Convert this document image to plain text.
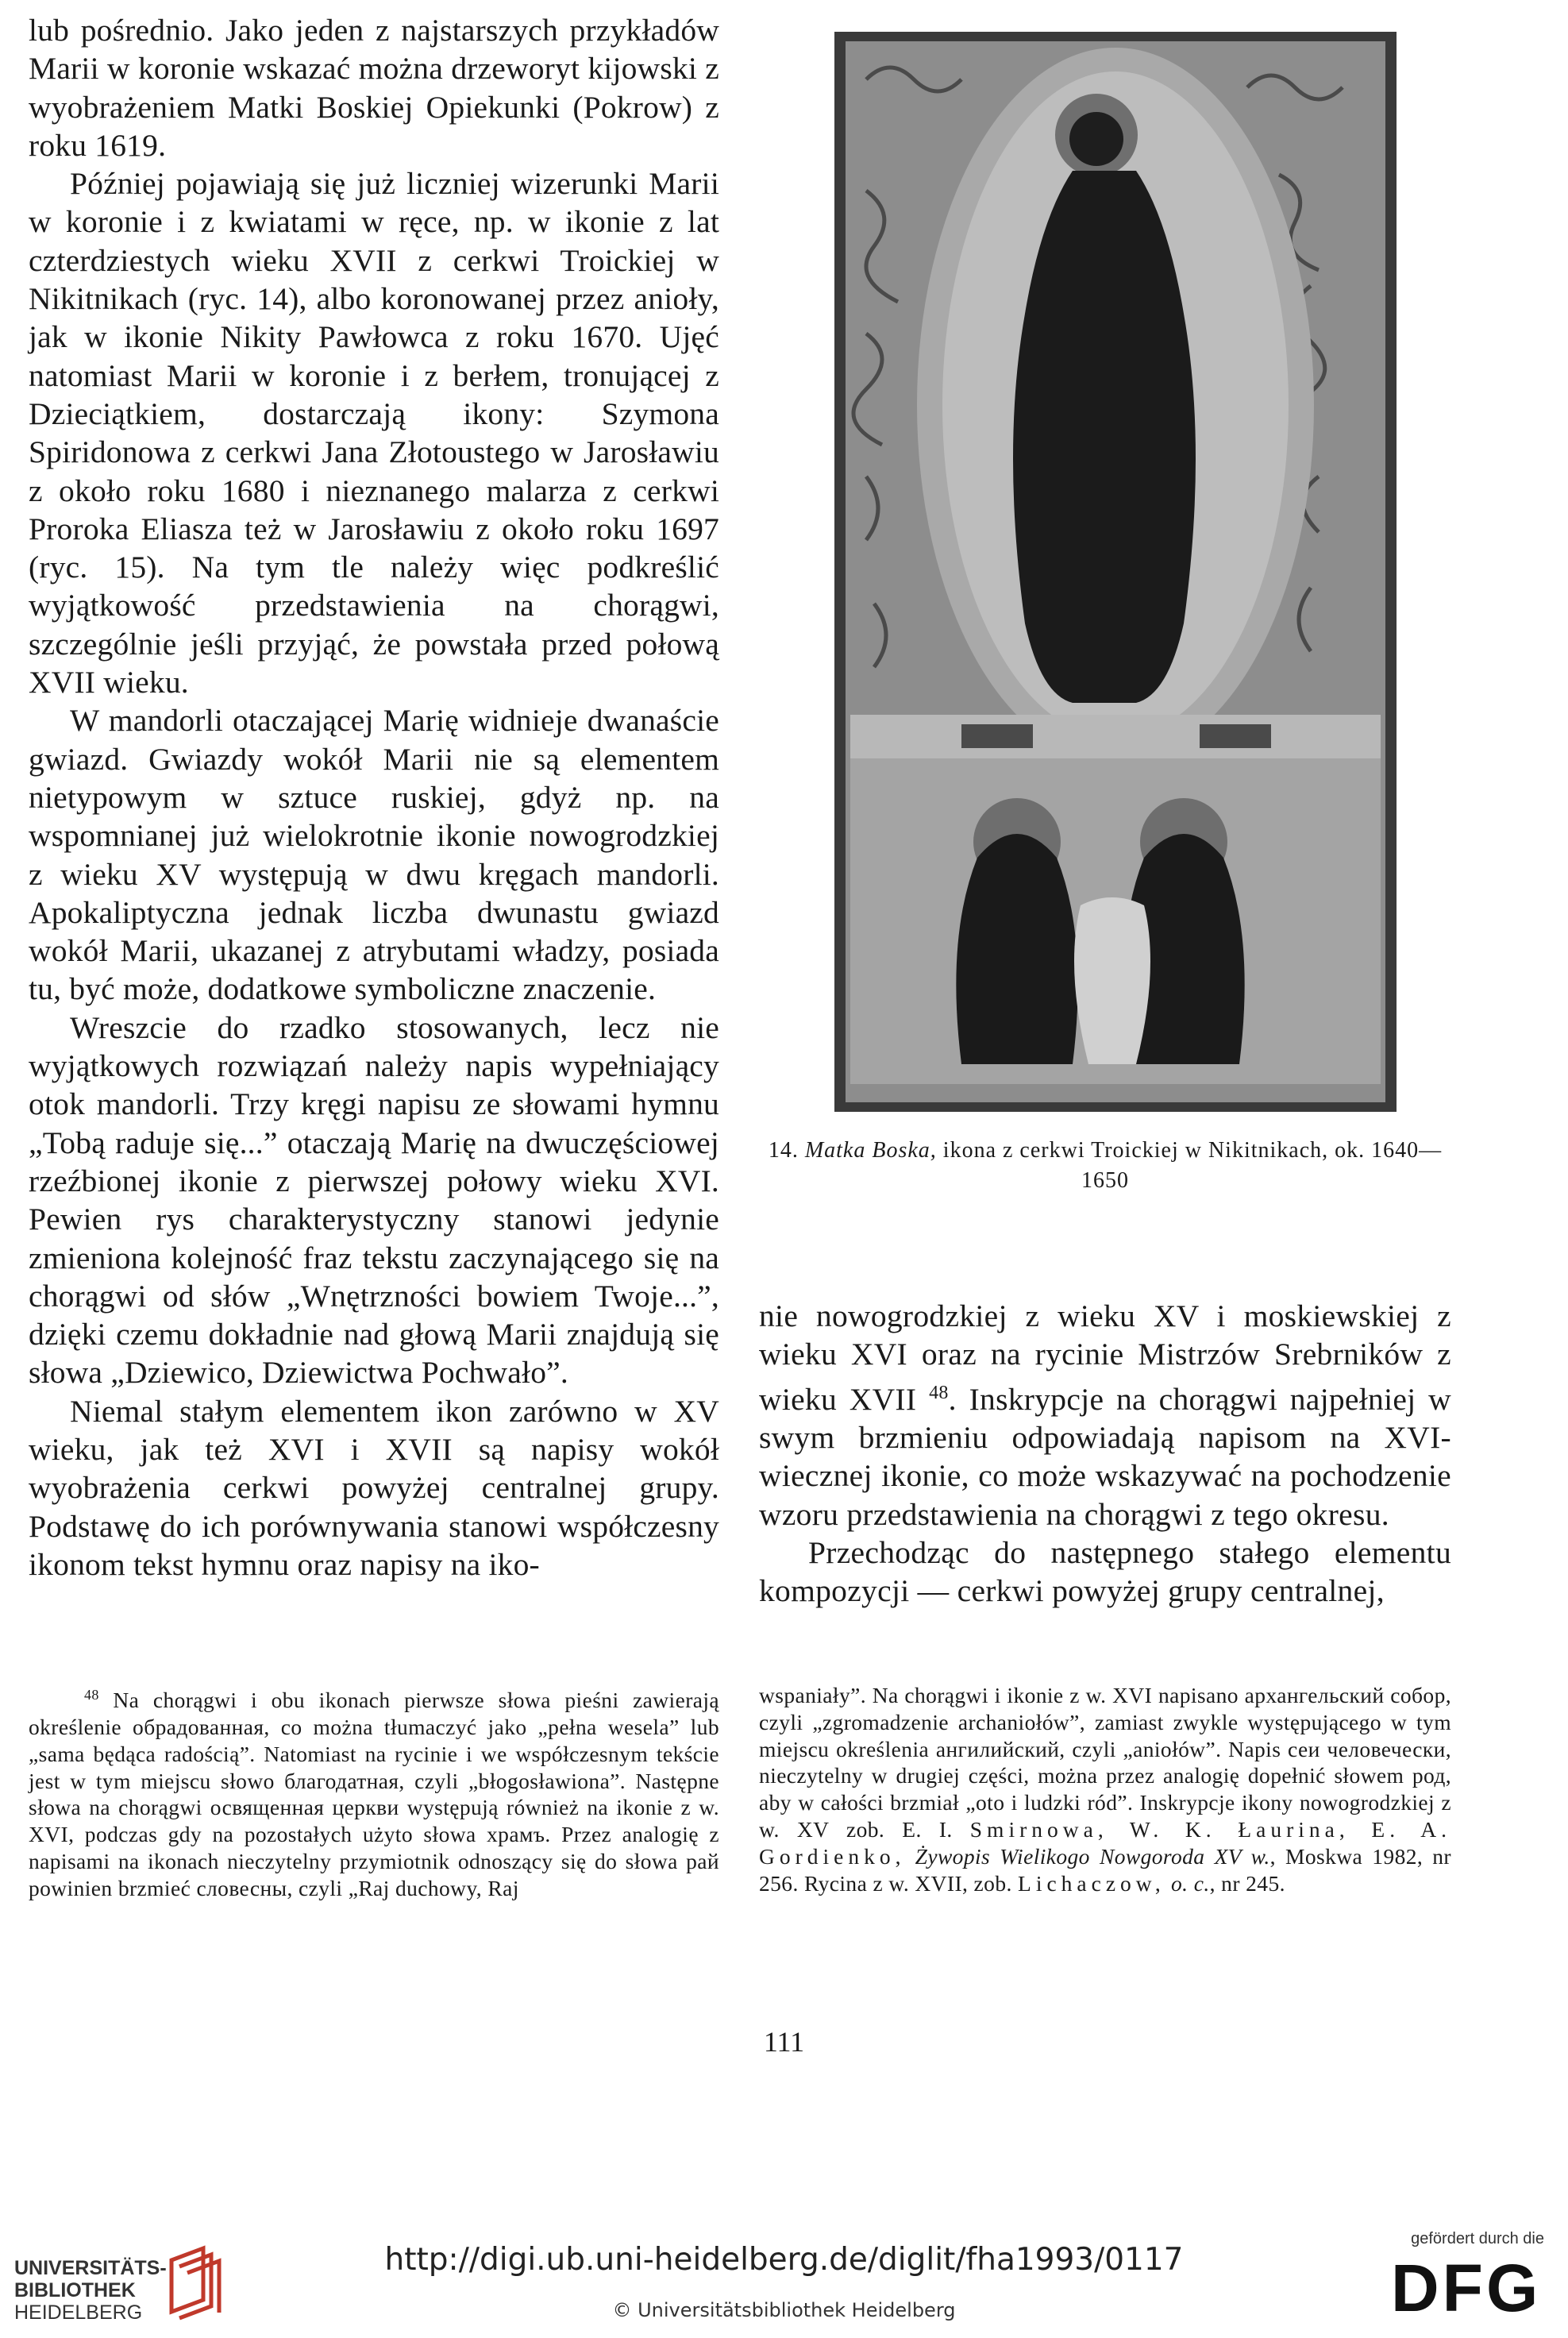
lub pośrednio. Jako jeden z najstarszych przykładów Marii w koronie wskazać można drzeworyt kijowski z wyobrażeniem Matki Boskiej Opiekunki (Pokrow) z roku 1619.

Później pojawiają się już liczniej wizerunki Marii w koronie i z kwiatami w ręce, np. w ikonie z lat czterdziestych wieku XVII z cerkwi Troickiej w Nikitnikach (ryc. 14), albo koronowanej przez anioły, jak w ikonie Nikity Pawłowca z roku 1670. Ujęć natomiast Marii w koronie i z berłem, tronującej z Dzieciątkiem, dostarczają ikony: Szymona Spiridonowa z cerkwi Jana Złotoustego w Jarosławiu z około roku 1680 i nieznanego malarza z cerkwi Proroka Eliasza też w Jarosławiu z około roku 1697 (ryc. 15). Na tym tle należy więc podkreślić wyjątkowość przedstawienia na chorągwi, szczególnie jeśli przyjąć, że powstała przed połową XVII wieku.

W mandorli otaczającej Marię widnieje dwanaście gwiazd. Gwiazdy wokół Marii nie są elementem nietypowym w sztuce ruskiej, gdyż np. na wspomnianej już wielokrotnie ikonie nowogrodzkiej z wieku XV występują w dwu kręgach mandorli. Apokaliptyczna jednak liczba dwunastu gwiazd wokół Marii, ukazanej z atrybutami władzy, posiada tu, być może, dodatkowe symboliczne znaczenie.

Wreszcie do rzadko stosowanych, lecz nie wyjątkowych rozwiązań należy napis wypełniający otok mandorli. Trzy kręgi napisu ze słowami hymnu „Tobą raduje się...” otaczają Marię na dwuczęściowej rzeźbionej ikonie z pierwszej połowy wieku XVI. Pewien rys charakterystyczny stanowi jedynie zmieniona kolejność fraz tekstu zaczynającego się na chorągwi od słów „Wnętrzności bowiem Twoje...”, dzięki czemu dokładnie nad głową Marii znajdują się słowa „Dziewico, Dziewictwa Pochwało”.

Niemal stałym elementem ikon zarówno w XV wieku, jak też XVI i XVII są napisy wokół wyobrażenia cerkwi powyżej centralnej grupy. Podstawę do ich porównywania stanowi współczesny ikonom tekst hymnu oraz napisy na iko-

14. Matka Boska, ikona z cerkwi Troickiej w Nikitnikach, ok. 1640—1650

nie nowogrodzkiej z wieku XV i moskiewskiej z wieku XVI oraz na rycinie Mistrzów Srebrników z wieku XVII $^{48}$. Inskrypcje na chorągwi najpełniej w swym brzmieniu odpowiadają napisom na XVI-wiecznej ikonie, co może wskazywać na pochodzenie wzoru przedstawienia na chorągwi z tego okresu.

Przechodząc do następnego stałego elementu kompozycji — cerkwi powyżej grupy centralnej,

$^{48}$ Na chorągwi i obu ikonach pierwsze słowa pieśni zawierają określenie обрадованная, co można tłumaczyć jako „pełna wesela” lub „sama będąca radością”. Natomiast na rycinie i we współczesnym tekście jest w tym miejscu słowo благодатная, czyli „błogosławiona”. Następne słowa na chorągwi освященная церкви występują również na ikonie z w. XVI, podczas gdy na pozostałych użyto słowa храмъ. Przez analogię z napisami na ikonach nieczytelny przymiotnik odnoszący się do słowa рай powinien brzmieć словесны, czyli „Raj duchowy, Raj

wspaniały”. Na chorągwi i ikonie z w. XVI napisano архангельский собор, czyli „zgromadzenie archaniołów”, zamiast zwykle występującego w tym miejscu określenia ангилийский, czyli „aniołów”. Napis сеи человечески, nieczytelny w drugiej części, można przez analogię dopełnić słowem род, aby w całości brzmiał „oto i ludzki ród”. Inskrypcje ikony nowogrodzkiej z w. XV zob. E. I. Smirnowa, W. K. Łaurina, E. A. Gordienko, Żywopis Wielikogo Nowgoroda XV w., Moskwa 1982, nr 256. Rycina z w. XVII, zob. Lichaczow, o. c., nr 245.

111
UNIVERSITÄTS-
BIBLIOTHEK
HEIDELBERG
http://digi.ub.uni-heidelberg.de/diglit/fha1993/0117
© Universitätsbibliothek Heidelberg
gefördert durch die
DFG
